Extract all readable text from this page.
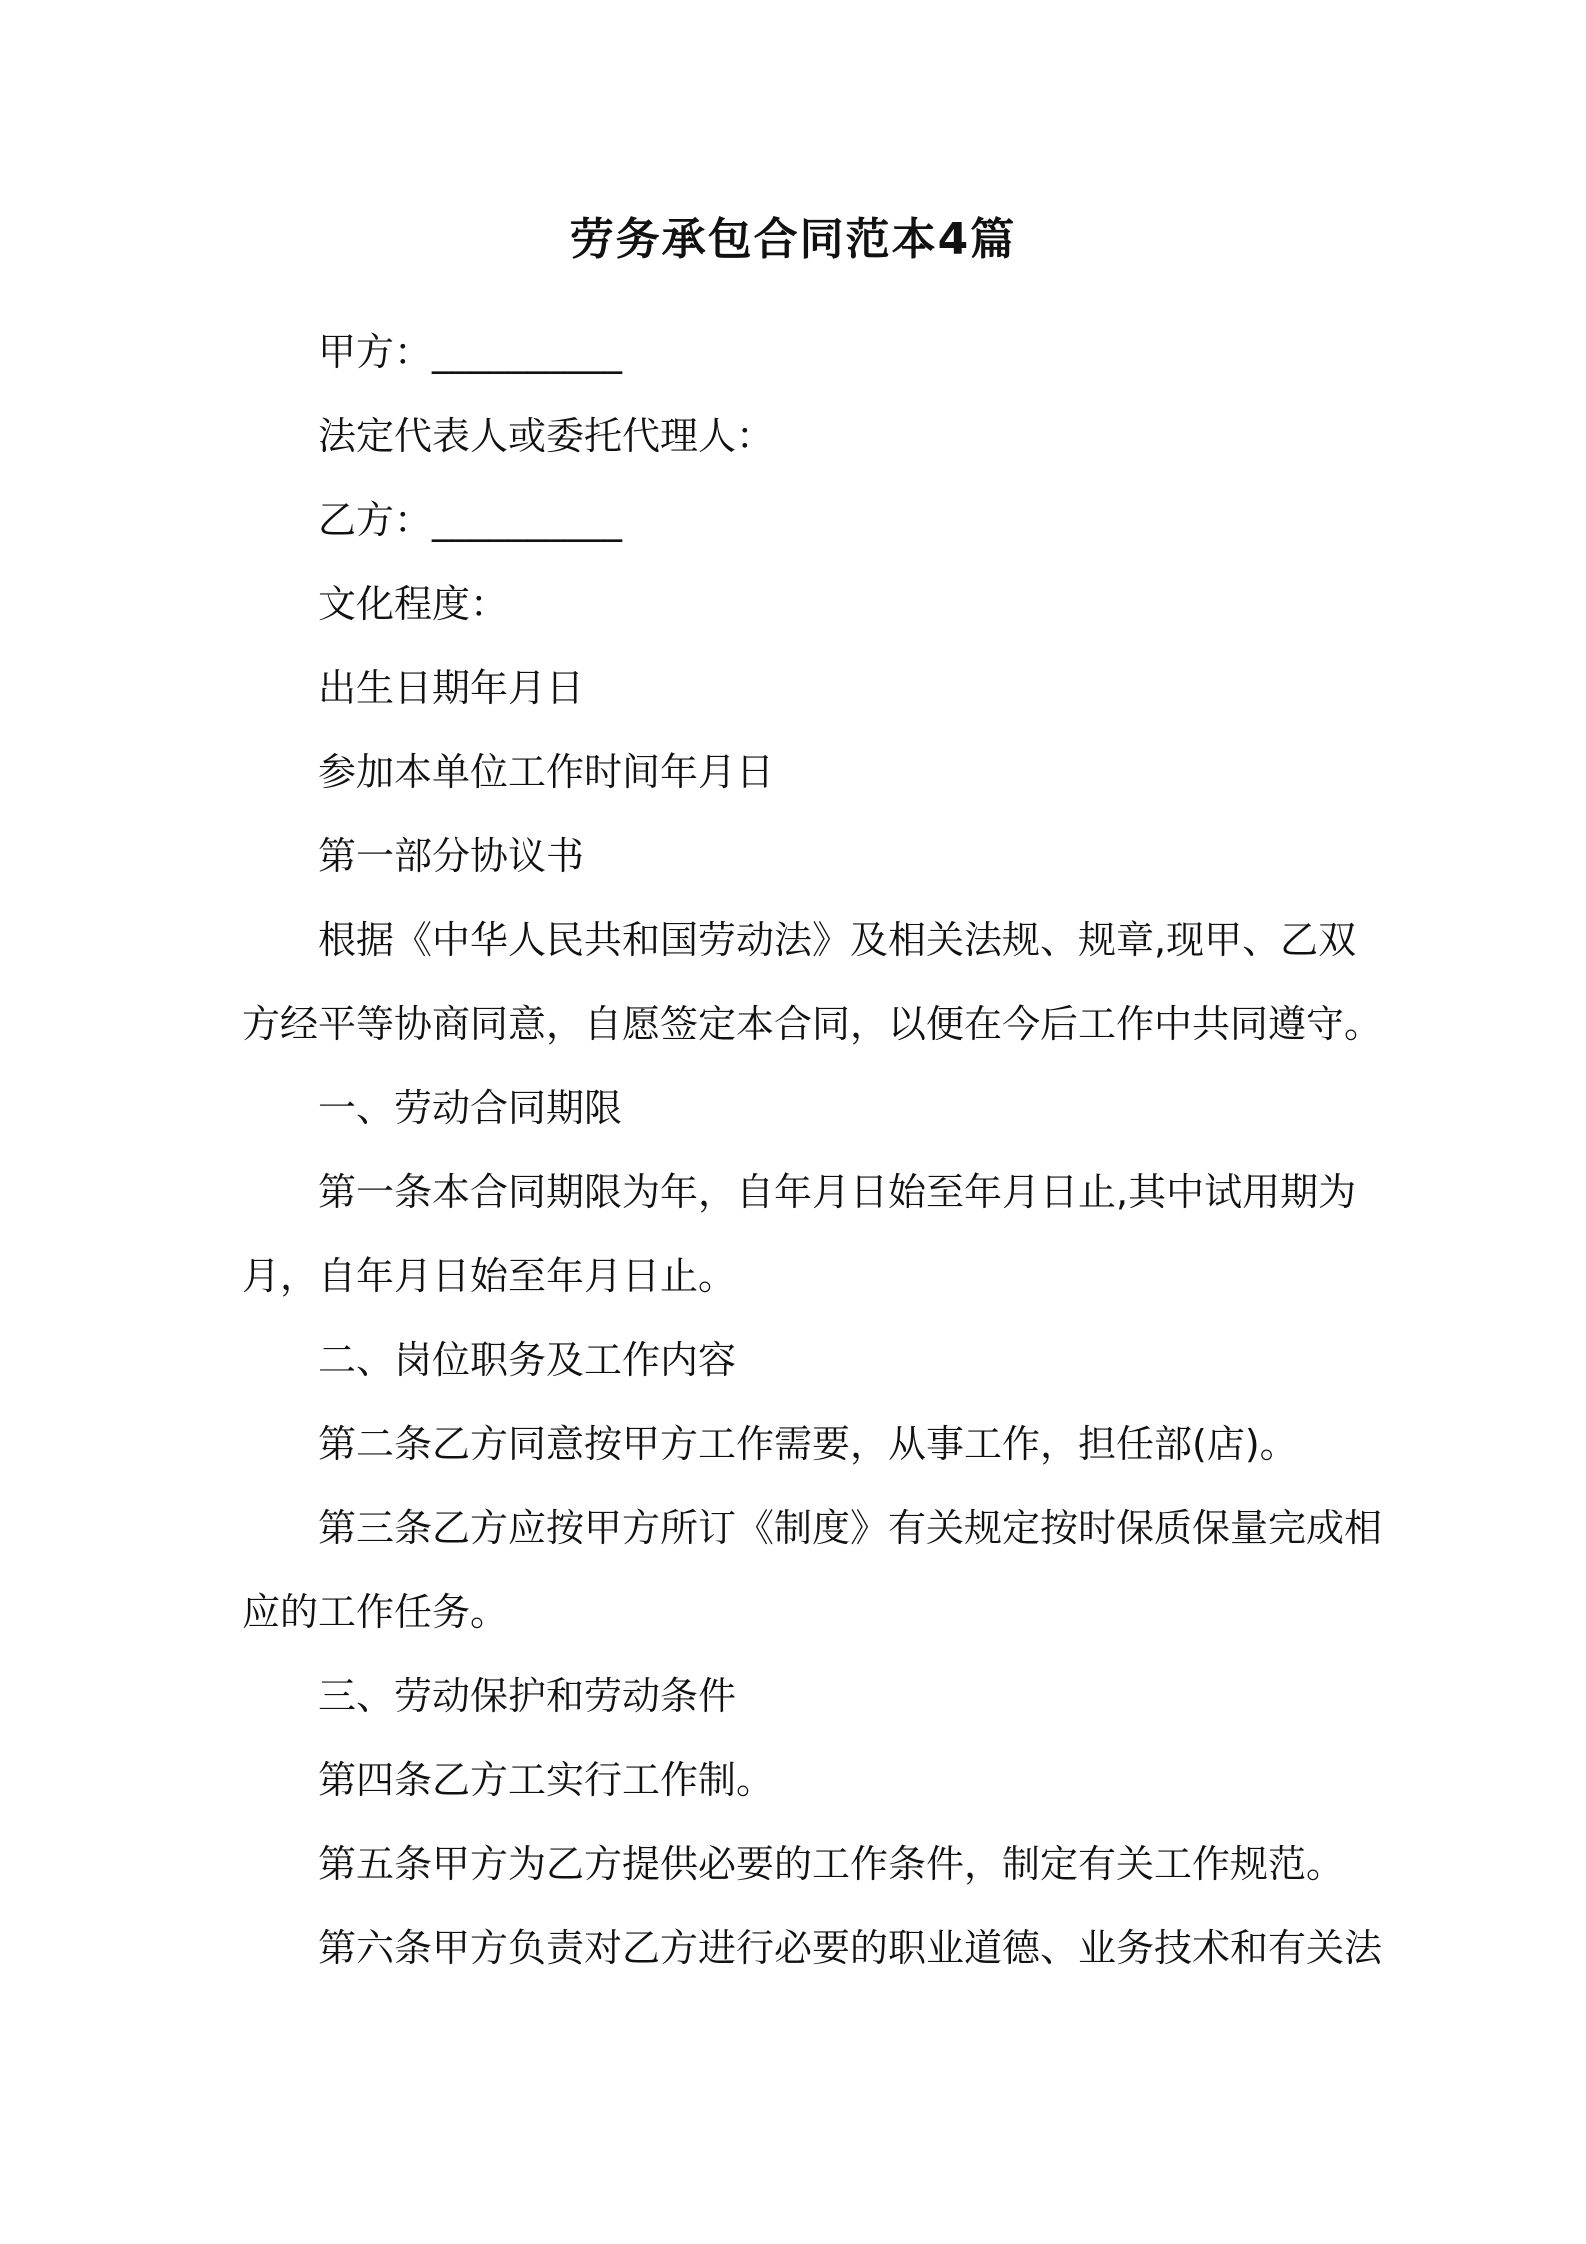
劳务承包合同范本4篇

甲方：__________

法定代表人或委托代理人：

乙方：__________

文化程度：

出生日期年月日

参加本单位工作时间年月日

第一部分协议书

根据《中华人民共和国劳动法》及相关法规、规章,现甲、乙双

方经平等协商同意，自愿签定本合同，以便在今后工作中共同遵守。

一、劳动合同期限

第一条本合同期限为年，自年月日始至年月日止,其中试用期为

月，自年月日始至年月日止。

二、岗位职务及工作内容

第二条乙方同意按甲方工作需要，从事工作，担任部(店)。

第三条乙方应按甲方所订《制度》有关规定按时保质保量完成相

应的工作任务。

三、劳动保护和劳动条件

第四条乙方工实行工作制。

第五条甲方为乙方提供必要的工作条件，制定有关工作规范。

第六条甲方负责对乙方进行必要的职业道德、业务技术和有关法
